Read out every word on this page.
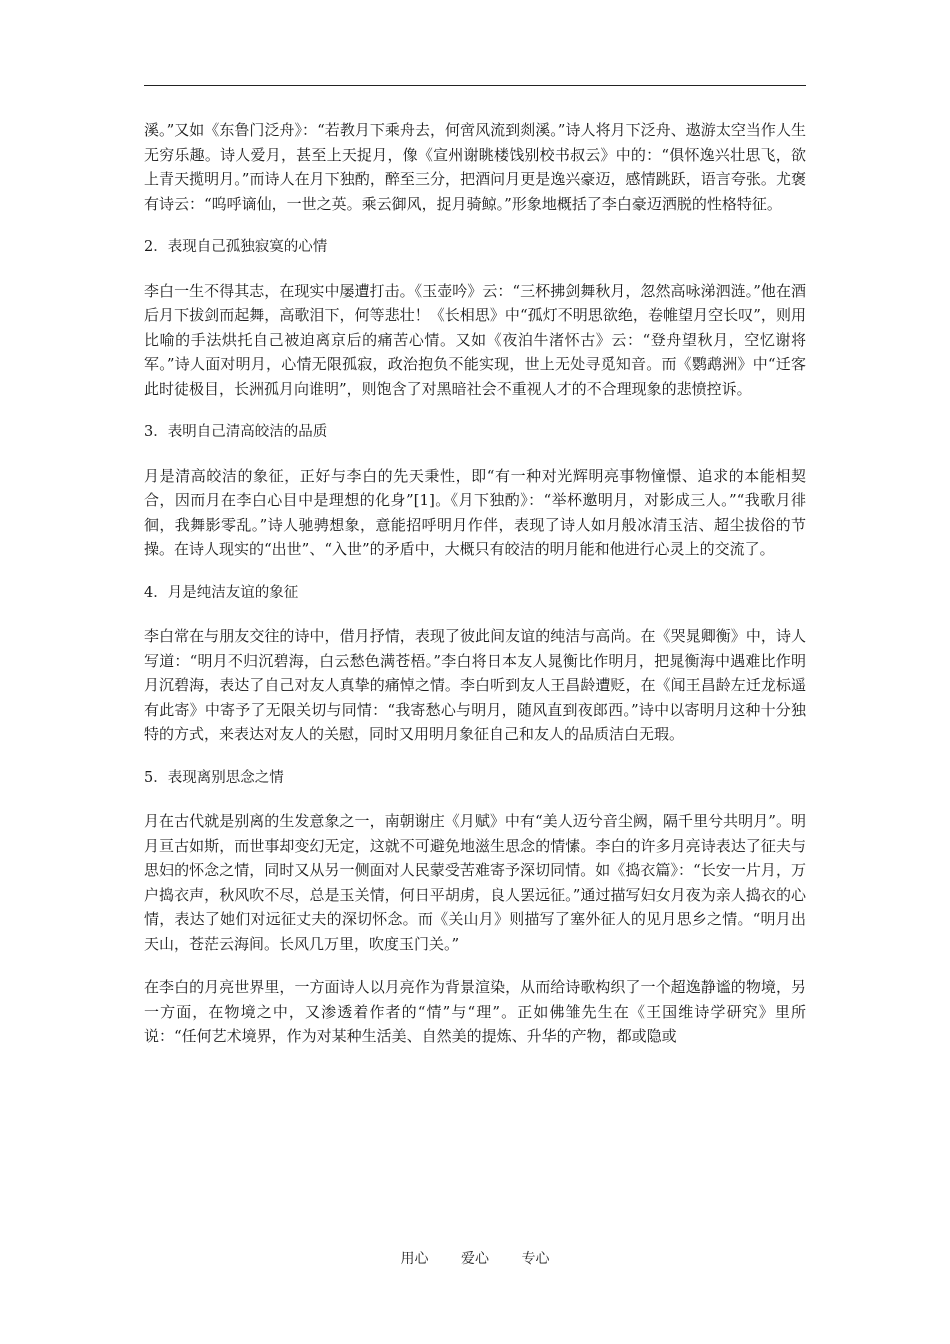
溪。”又如《东鲁门泛舟》：“若教月下乘舟去，何啻风流到剡溪。”诗人将月下泛舟、遨游太空当作人生无穷乐趣。诗人爱月，甚至上天捉月，像《宣州谢眺楼饯别校书叔云》中的：“俱怀逸兴壮思飞，欲上青天揽明月。”而诗人在月下独酌，醉至三分，把酒问月更是逸兴豪迈，感情跳跃，语言夸张。尤褒有诗云：“呜呼谪仙，一世之英。乘云御风，捉月骑鲸。”形象地概括了李白豪迈洒脱的性格特征。

2．表现自己孤独寂寞的心情

李白一生不得其志，在现实中屡遭打击。《玉壶吟》云：“三杯拂剑舞秋月，忽然高咏涕泗涟。”他在酒后月下拔剑而起舞，高歌泪下，何等悲壮！《长相思》中“孤灯不明思欲绝，卷帷望月空长叹”，则用比喻的手法烘托自己被迫离京后的痛苦心情。又如《夜泊牛渚怀古》云：“登舟望秋月，空忆谢将军。”诗人面对明月，心情无限孤寂，政治抱负不能实现，世上无处寻觅知音。而《鹦鹉洲》中“迁客此时徒极目，长洲孤月向谁明”，则饱含了对黑暗社会不重视人才的不合理现象的悲愤控诉。

3．表明自己清高皎洁的品质

月是清高皎洁的象征，正好与李白的先天秉性，即“有一种对光辉明亮事物憧憬、追求的本能相契合，因而月在李白心目中是理想的化身”[1]。《月下独酌》：“举杯邀明月，对影成三人。”“我歌月徘徊，我舞影零乱。”诗人驰骋想象，意能招呼明月作伴，表现了诗人如月般冰清玉洁、超尘拔俗的节操。在诗人现实的“出世”、“入世”的矛盾中，大概只有皎洁的明月能和他进行心灵上的交流了。

4．月是纯洁友谊的象征

李白常在与朋友交往的诗中，借月抒情，表现了彼此间友谊的纯洁与高尚。在《哭晁卿衡》中，诗人写道：“明月不归沉碧海，白云愁色满苍梧。”李白将日本友人晁衡比作明月，把晁衡海中遇难比作明月沉碧海，表达了自己对友人真挚的痛悼之情。李白听到友人王昌龄遭贬，在《闻王昌龄左迁龙标遥有此寄》中寄予了无限关切与同情：“我寄愁心与明月，随风直到夜郎西。”诗中以寄明月这种十分独特的方式，来表达对友人的关慰，同时又用明月象征自己和友人的品质洁白无瑕。

5．表现离别思念之情

月在古代就是别离的生发意象之一，南朝谢庄《月赋》中有“美人迈兮音尘阙，隔千里兮共明月”。明月亘古如斯，而世事却变幻无定，这就不可避免地滋生思念的情愫。李白的许多月亮诗表达了征夫与思妇的怀念之情，同时又从另一侧面对人民蒙受苦难寄予深切同情。如《捣衣篇》：“长安一片月，万户捣衣声，秋风吹不尽，总是玉关情，何日平胡虏，良人罢远征。”通过描写妇女月夜为亲人捣衣的心情，表达了她们对远征丈夫的深切怀念。而《关山月》则描写了塞外征人的见月思乡之情。“明月出天山，苍茫云海间。长风几万里，吹度玉门关。”

在李白的月亮世界里，一方面诗人以月亮作为背景渲染，从而给诗歌构织了一个超逸静谧的物境，另一方面，在物境之中，又渗透着作者的“情”与“理”。正如佛雏先生在《王国维诗学研究》里所说：“任何艺术境界，作为对某种生活美、自然美的提炼、升华的产物，都或隐或

用心 爱心 专心
